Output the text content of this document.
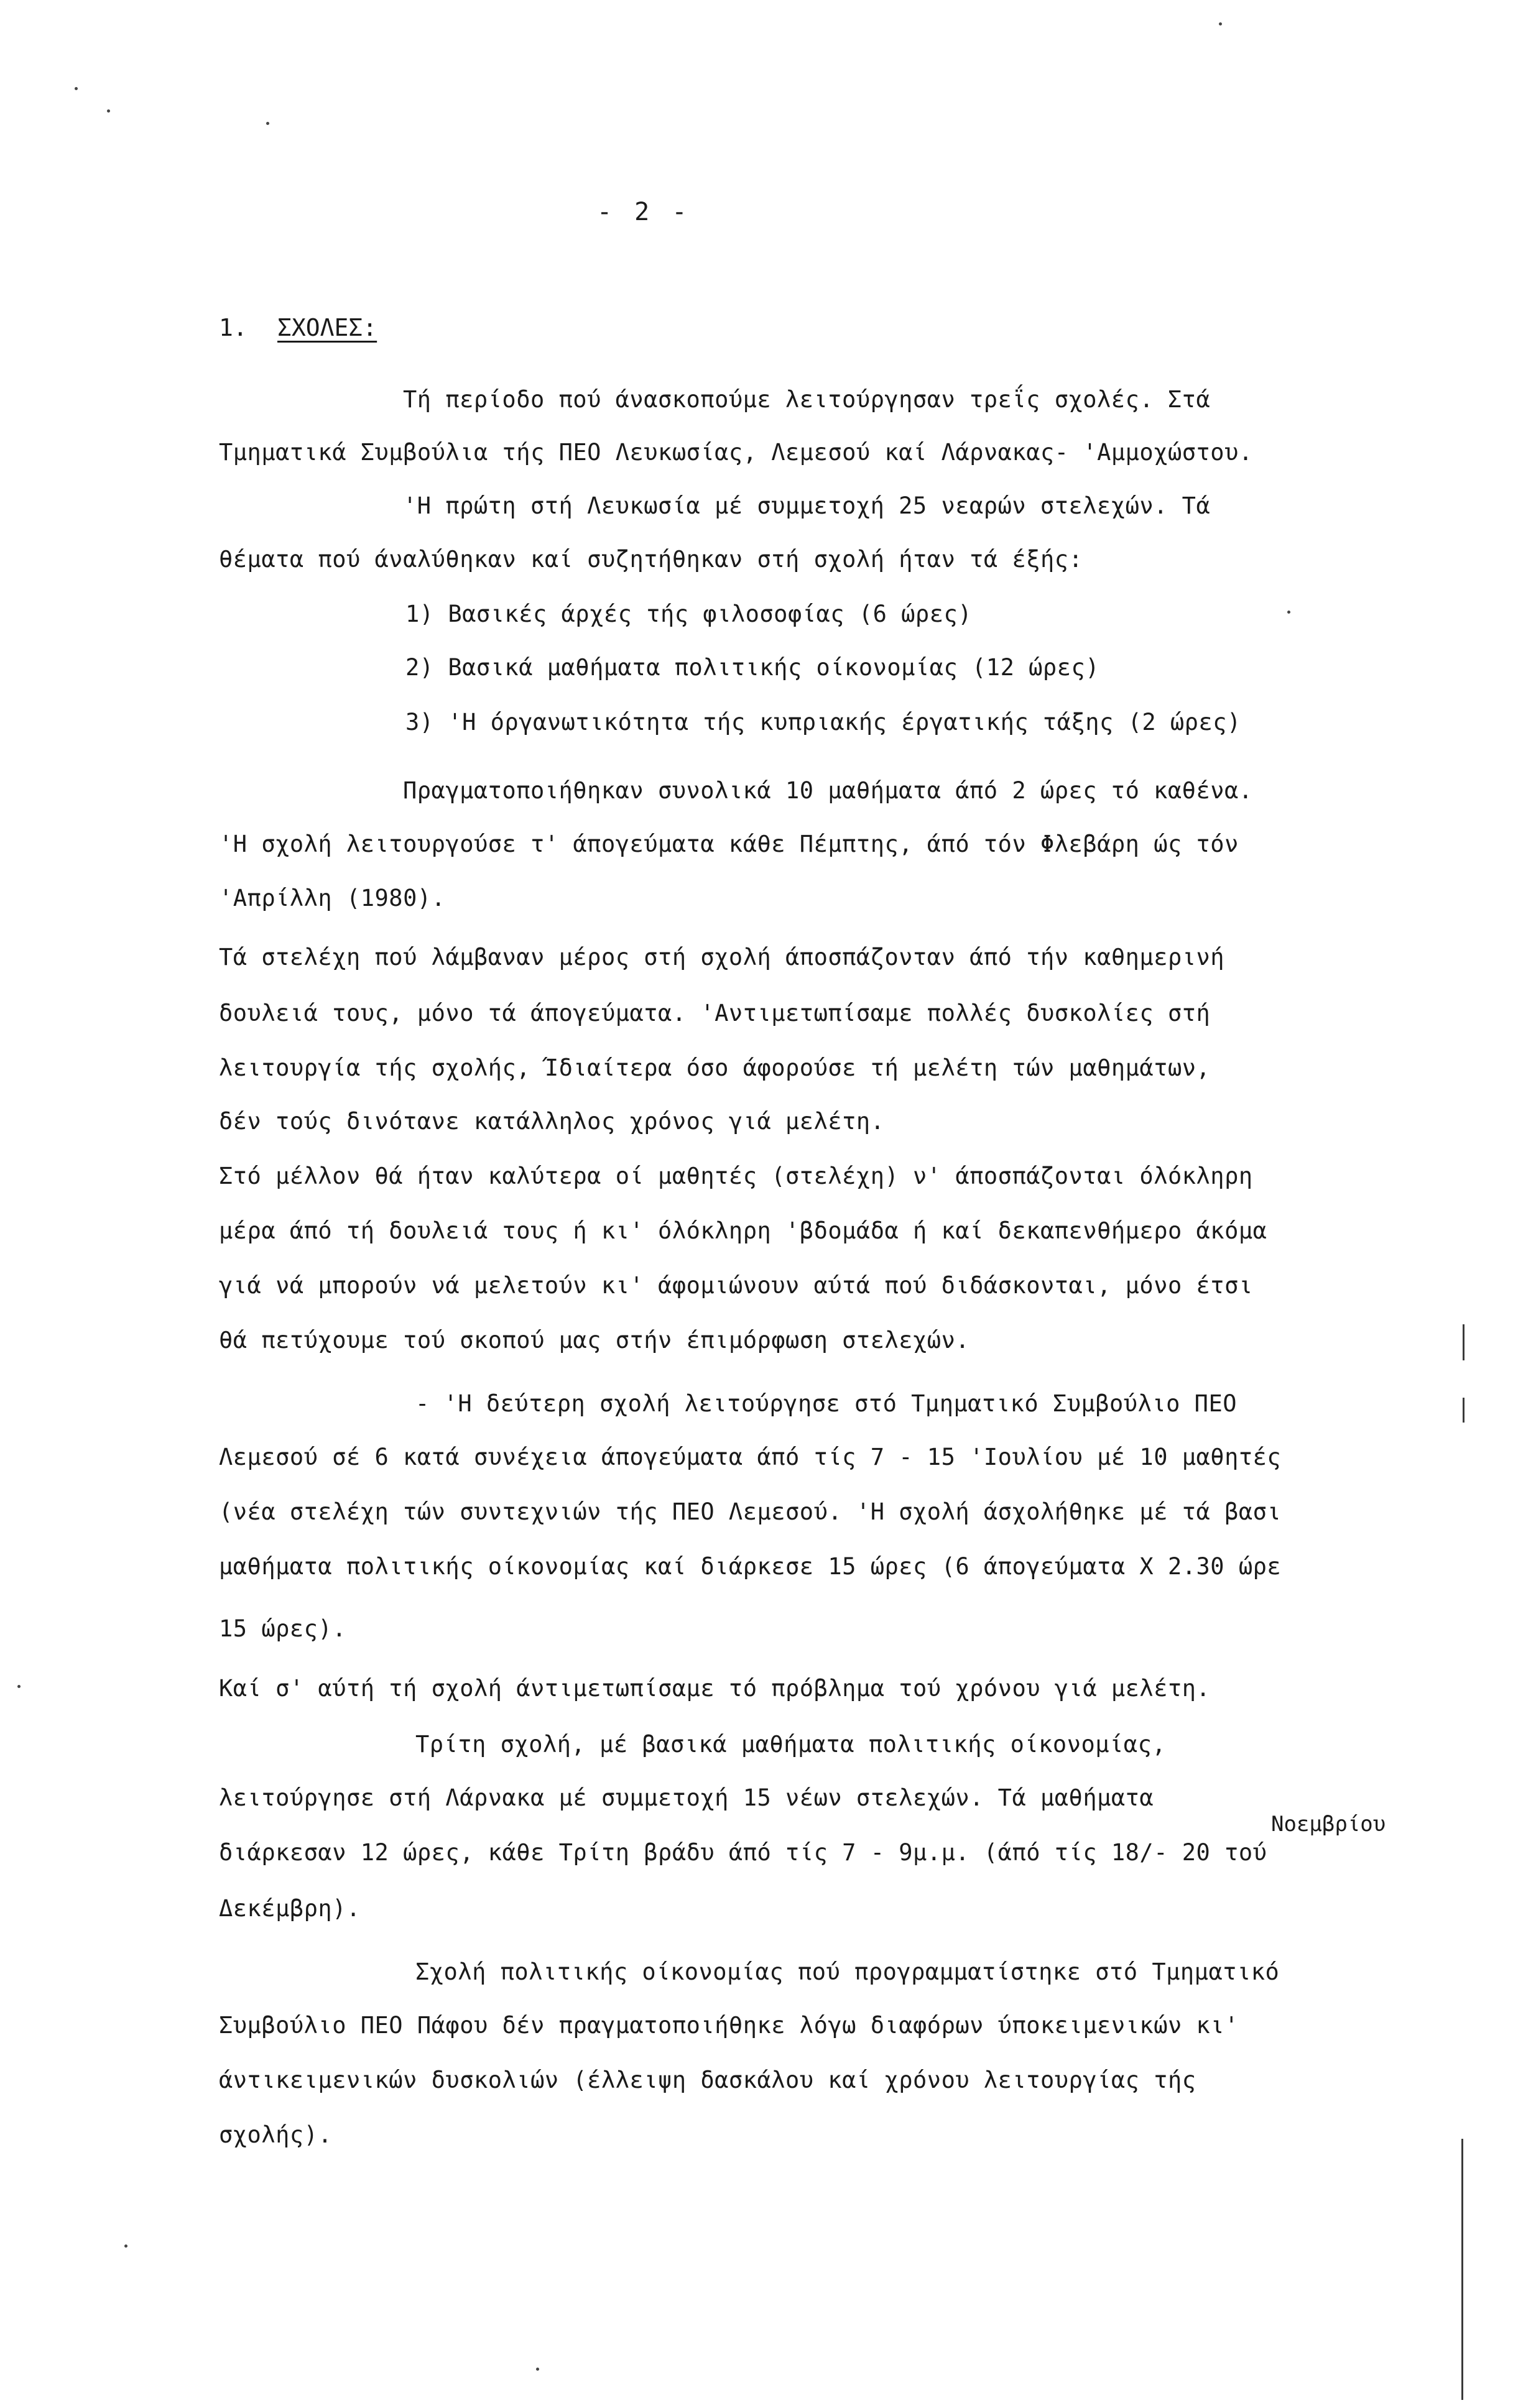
- 2 -
1. ΣΧΟΛΕΣ:
Τή περίοδο πού άνασκοπούμε λειτούργησαν τρεΐς σχολές. Στά
Τμηματικά Συμβούλια τής ΠΕΟ Λευκωσίας, Λεμεσού καί Λάρνακας- 'Αμμοχώστου.
'Η πρώτη στή Λευκωσία μέ συμμετοχή 25 νεαρών στελεχών. Τά
θέματα πού άναλύθηκαν καί συζητήθηκαν στή σχολή ήταν τά έξής:
1) Βασικές άρχές τής φιλοσοφίας (6 ώρες)
2) Βασικά μαθήματα πολιτικής οίκονομίας (12 ώρες)
3) 'Η όργανωτικότητα τής κυπριακής έργατικής τάξης (2 ώρες)
Πραγματοποιήθηκαν συνολικά 10 μαθήματα άπό 2 ώρες τό καθένα.
'Η σχολή λειτουργούσε τ' άπογεύματα κάθε Πέμπτης, άπό τόν Φλεβάρη ώς τόν
'Απρίλλη (1980).
Τά στελέχη πού λάμβαναν μέρος στή σχολή άποσπάζονταν άπό τήν καθημερινή
δουλειά τους, μόνο τά άπογεύματα. 'Αντιμετωπίσαμε πολλές δυσκολίες στή
λειτουργία τής σχολής, Ίδιαίτερα όσο άφορούσε τή μελέτη τών μαθημάτων,
δέν τούς δινότανε κατάλληλος χρόνος γιά μελέτη.
Στό μέλλον θά ήταν καλύτερα οί μαθητές (στελέχη) ν' άποσπάζονται όλόκληρη
μέρα άπό τή δουλειά τους ή κι' όλόκληρη 'βδομάδα ή καί δεκαπενθήμερο άκόμα
γιά νά μπορούν νά μελετούν κι' άφομιώνουν αύτά πού διδάσκονται, μόνο έτσι
θά πετύχουμε τού σκοπού μας στήν έπιμόρφωση στελεχών.
- 'Η δεύτερη σχολή λειτούργησε στό Τμηματικό Συμβούλιο ΠΕΟ
Λεμεσού σέ 6 κατά συνέχεια άπογεύματα άπό τίς 7 - 15 'Ιουλίου μέ 10 μαθητές
(νέα στελέχη τών συντεχνιών τής ΠΕΟ Λεμεσού. 'Η σχολή άσχολήθηκε μέ τά βασι
μαθήματα πολιτικής οίκονομίας καί διάρκεσε 15 ώρες (6 άπογεύματα Χ 2.30 ώρε
15 ώρες).
Καί σ' αύτή τή σχολή άντιμετωπίσαμε τό πρόβλημα τού χρόνου γιά μελέτη.
Τρίτη σχολή, μέ βασικά μαθήματα πολιτικής οίκονομίας,
λειτούργησε στή Λάρνακα μέ συμμετοχή 15 νέων στελεχών. Τά μαθήματα
Νοεμβρίου
διάρκεσαν 12 ώρες, κάθε Τρίτη βράδυ άπό τίς 7 - 9μ.μ. (άπό τίς 18/- 20 τού
Δεκέμβρη).
Σχολή πολιτικής οίκονομίας πού προγραμματίστηκε στό Τμηματικό
Συμβούλιο ΠΕΟ Πάφου δέν πραγματοποιήθηκε λόγω διαφόρων ύποκειμενικών κι'
άντικειμενικών δυσκολιών (έλλειψη δασκάλου καί χρόνου λειτουργίας τής
σχολής).
